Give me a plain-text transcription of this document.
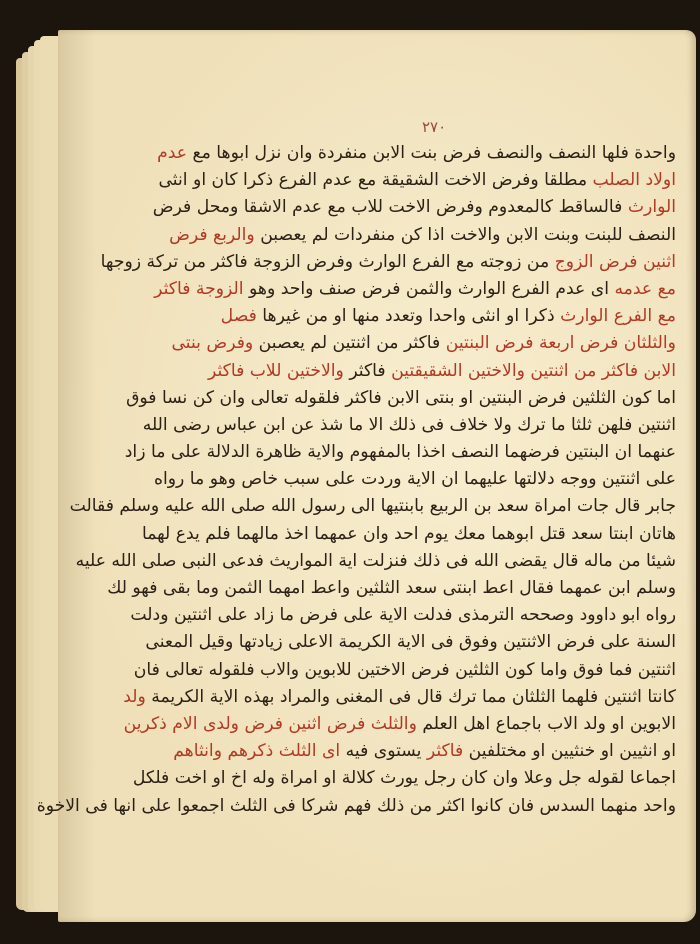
٢٧٠
واحدة فلها النصف والنصف فرض بنت الابن منفردة وان نزل ابوها مع عدم
اولاد الصلب مطلقا وفرض الاخت الشقيقة مع عدم الفرع ذكرا كان او انثى
الوارث فالساقط كالمعدوم وفرض الاخت للاب مع عدم الاشقا ومحل فرض
النصف للبنت وبنت الابن والاخت اذا كن منفردات لم يعصبن والربع فرض
اثنين فرض الزوج من زوجته مع الفرع الوارث وفرض الزوجة فاكثر من تركة زوجها
مع عدمه اى عدم الفرع الوارث والثمن فرض صنف واحد وهو الزوجة فاكثر
مع الفرع الوارث ذكرا او انثى واحدا وتعدد منها او من غيرها فصل
والثلثان فرض اربعة فرض البنتين فاكثر من اثنتين لم يعصبن وفرض بنتى
الابن فاكثر من اثنتين والاختين الشقيقتين فاكثر والاختين للاب فاكثر
اما كون الثلثين فرض البنتين او بنتى الابن فاكثر فلقوله تعالى وان كن نسا فوق
اثنتين فلهن ثلثا ما ترك ولا خلاف فى ذلك الا ما شذ عن ابن عباس رضى الله
عنهما ان البنتين فرضهما النصف اخذا بالمفهوم والاية ظاهرة الدلالة على ما زاد
على اثنتين ووجه دلالتها عليهما ان الاية وردت على سبب خاص وهو ما رواه
جابر قال جات امراة سعد بن الربيع بابنتيها الى رسول الله صلى الله عليه وسلم فقالت
هاتان ابنتا سعد قتل ابوهما معك يوم احد وان عمهما اخذ مالهما فلم يدع لهما
شيئا من ماله قال يقضى الله فى ذلك فنزلت اية المواريث فدعى النبى صلى الله عليه
وسلم ابن عمهما فقال اعط ابنتى سعد الثلثين واعط امهما الثمن وما بقى فهو لك
رواه ابو داوود وصححه الترمذى فدلت الاية على فرض ما زاد على اثنتين ودلت
السنة على فرض الاثنتين وفوق فى الاية الكريمة الاعلى زيادتها وقيل المعنى
اثنتين فما فوق واما كون الثلثين فرض الاختين للابوين والاب فلقوله تعالى فان
كانتا اثنتين فلهما الثلثان مما ترك قال فى المغنى والمراد بهذه الاية الكريمة ولد
الابوين او ولد الاب باجماع اهل العلم والثلث فرض اثنين فرض ولدى الام ذكرين
او انثيين او خنثيين او مختلفين فاكثر يستوى فيه اى الثلث ذكرهم وانثاهم
اجماعا لقوله جل وعلا وان كان رجل يورث كلالة او امراة وله اخ او اخت فلكل
واحد منهما السدس فان كانوا اكثر من ذلك فهم شركا فى الثلث اجمعوا على انها فى الاخوة
